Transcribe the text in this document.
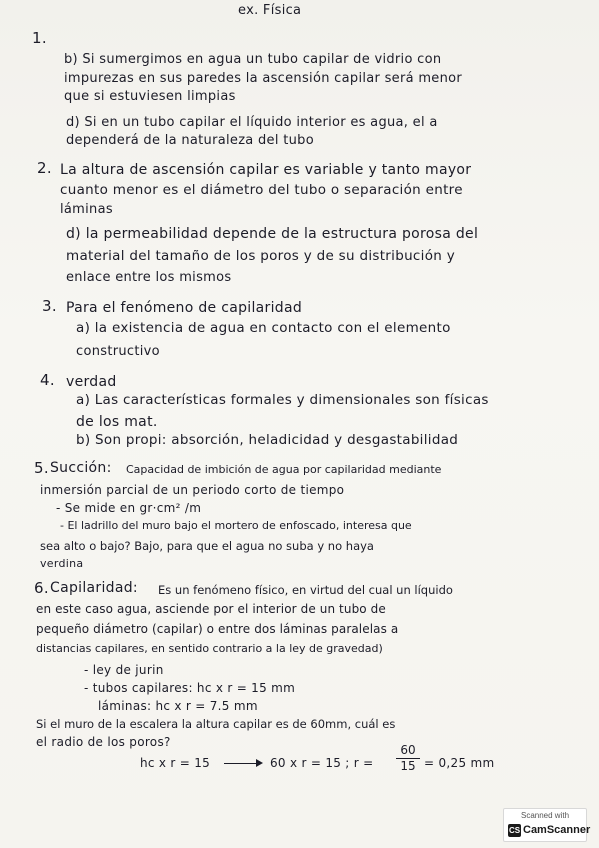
ex. Física
1.
b) Si sumergimos en agua un tubo capilar de vidrio con
impurezas en sus paredes la ascensión capilar será menor
que si estuviesen limpias
d) Si en un tubo capilar el líquido interior es agua, el a
dependerá de la naturaleza del tubo
2. La altura de ascensión capilar es variable y tanto mayor
cuanto menor es el diámetro del tubo o separación entre
láminas
d) la permeabilidad depende de la estructura porosa del
material del tamaño de los poros y de su distribución y
enlace entre los mismos
3. Para el fenómeno de capilaridad
a) la existencia de agua en contacto con el elemento
constructivo
4. verdad
a) Las características formales y dimensionales son físicas
de los mat.
b) Son propi: absorción, heladicidad y desgastabilidad
5. Succión: Capacidad de imbición de agua por capilaridad mediante
inmersión parcial de un periodo corto de tiempo
- Se mide en gr·cm² /m
- El ladrillo del muro bajo el mortero de enfoscado, interesa que
sea alto o bajo? Bajo, para que el agua no suba y no haya
verdina
6. Capilaridad: Es un fenómeno físico, en virtud del cual un líquido
en este caso agua, asciende por el interior de un tubo de
pequeño diámetro (capilar) o entre dos láminas paralelas a
distancias capilares, en sentido contrario a la ley de gravedad)
- ley de jurin
- tubos capilares: hc x r = 15 mm
láminas: hc x r = 7.5 mm
Si el muro de la escalera la altura capilar es de 60mm, cuál es
el radio de los poros?
hc x r = 15	60 x r = 15 ; r =
60
15 = 0,25 mm
Scanned with
CS CamScanner
